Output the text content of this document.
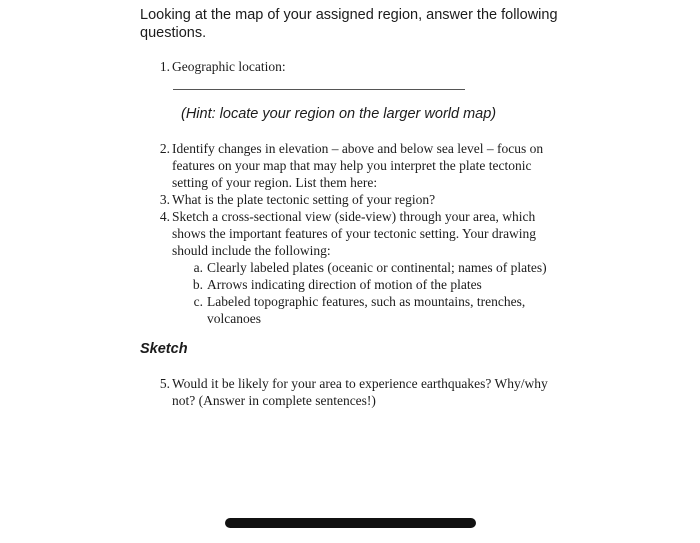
Looking at the map of your assigned region, answer the following questions.
1. Geographic location:
(Hint: locate your region on the larger world map)
2. Identify changes in elevation – above and below sea level – focus on features on your map that may help you interpret the plate tectonic setting of your region. List them here:
3. What is the plate tectonic setting of your region?
4. Sketch a cross-sectional view (side-view) through your area, which shows the important features of your tectonic setting. Your drawing should include the following:
a. Clearly labeled plates (oceanic or continental; names of plates)
b. Arrows indicating direction of motion of the plates
c. Labeled topographic features, such as mountains, trenches, volcanoes
Sketch
5. Would it be likely for your area to experience earthquakes? Why/why not? (Answer in complete sentences!)
